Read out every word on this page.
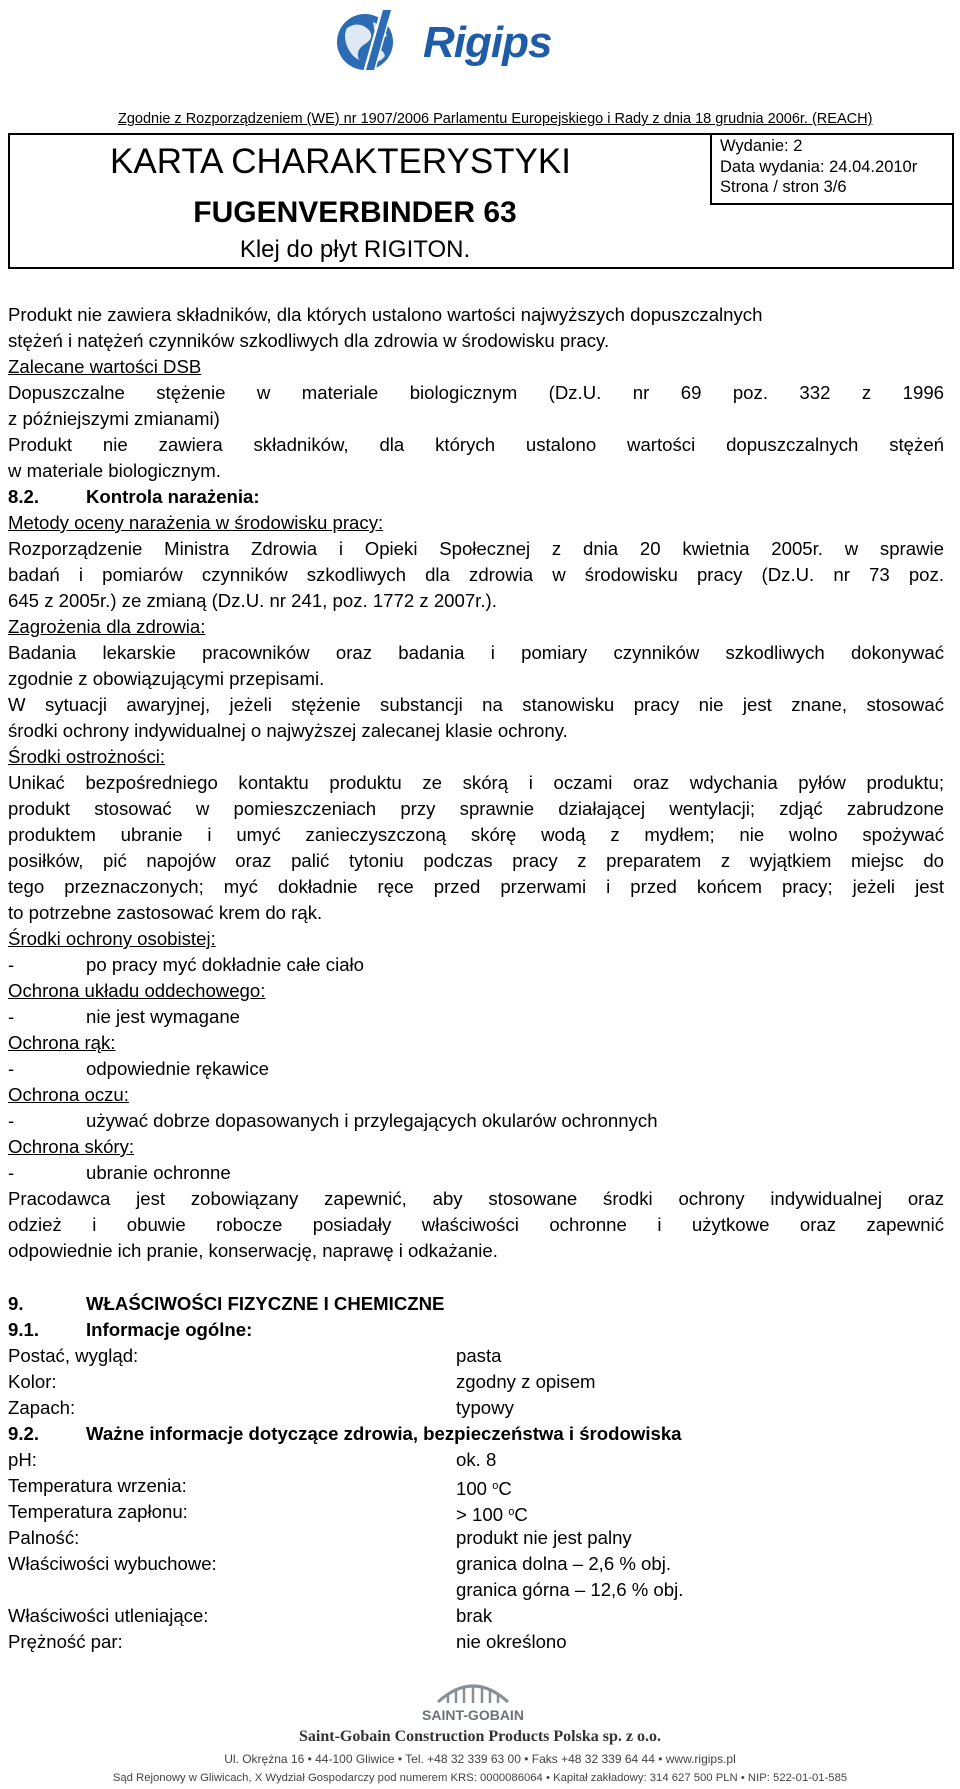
Rigips
Zgodnie z Rozporządzeniem (WE) nr 1907/2006 Parlamentu Europejskiego i Rady z dnia 18 grudnia 2006r. (REACH)
KARTA CHARAKTERYSTYKI
FUGENVERBINDER 63
Klej do płyt RIGITON.
Wydanie: 2
Data wydania: 24.04.2010r
Strona / stron 3/6
Produkt nie zawiera składników, dla których ustalono wartości najwyższych dopuszczalnych
stężeń i natężeń czynników szkodliwych dla zdrowia w środowisku pracy.
Zalecane wartości DSB
Dopuszczalne stężenie w materiale biologicznym (Dz.U. nr 69 poz. 332 z 1996
z późniejszymi zmianami)
Produkt nie zawiera składników, dla których ustalono wartości dopuszczalnych stężeń
w materiale biologicznym.
8.2.	Kontrola narażenia:
Metody oceny narażenia w środowisku pracy:
Rozporządzenie Ministra Zdrowia i Opieki Społecznej z dnia 20 kwietnia 2005r. w sprawie
badań i pomiarów czynników szkodliwych dla zdrowia w środowisku pracy (Dz.U. nr 73 poz.
645 z 2005r.) ze zmianą (Dz.U. nr 241, poz. 1772 z 2007r.).
Zagrożenia dla zdrowia:
Badania lekarskie pracowników oraz badania i pomiary czynników szkodliwych dokonywać
zgodnie z obowiązującymi przepisami.
W sytuacji awaryjnej, jeżeli stężenie substancji na stanowisku pracy nie jest znane, stosować
środki ochrony indywidualnej o najwyższej zalecanej klasie ochrony.
Środki ostrożności:
Unikać bezpośredniego kontaktu produktu ze skórą i oczami oraz wdychania pyłów produktu;
produkt stosować w pomieszczeniach przy sprawnie działającej wentylacji; zdjąć zabrudzone
produktem ubranie i umyć zanieczyszczoną skórę wodą z mydłem; nie wolno spożywać
posiłków, pić napojów oraz palić tytoniu podczas pracy z preparatem z wyjątkiem miejsc do
tego przeznaczonych; myć dokładnie ręce przed przerwami i przed końcem pracy; jeżeli jest
to potrzebne zastosować krem do rąk.
Środki ochrony osobistej:
-	po pracy myć dokładnie całe ciało
Ochrona układu oddechowego:
-	nie jest wymagane
Ochrona rąk:
-	odpowiednie rękawice
Ochrona oczu:
-	używać dobrze dopasowanych i przylegających okularów ochronnych
Ochrona skóry:
-	ubranie ochronne
Pracodawca jest zobowiązany zapewnić, aby stosowane środki ochrony indywidualnej oraz
odzież i obuwie robocze posiadały właściwości ochronne i użytkowe oraz zapewnić
odpowiednie ich pranie, konserwację, naprawę i odkażanie.
9.	WŁAŚCIWOŚCI FIZYCZNE I CHEMICZNE
9.1.	Informacje ogólne:
Postać, wygląd:	pasta
Kolor:	zgodny z opisem
Zapach:	typowy
9.2.	Ważne informacje dotyczące zdrowia, bezpieczeństwa i środowiska
pH:	ok. 8
Temperatura wrzenia:	100 $^o$C
Temperatura zapłonu:	> 100 $^o$C
Palność:	produkt nie jest palny
Właściwości wybuchowe:	granica dolna – 2,6 % obj.
granica górna – 12,6 % obj.
Właściwości utleniające:	brak
Prężność par:	nie określono
SAINT-GOBAIN
Saint-Gobain Construction Products Polska sp. z o.o.
Ul. Okrężna 16 • 44-100 Gliwice • Tel. +48 32 339 63 00 • Faks +48 32 339 64 44 • www.rigips.pl
Sąd Rejonowy w Gliwicach, X Wydział Gospodarczy pod numerem KRS: 0000086064 • Kapitał zakładowy: 314 627 500 PLN • NIP: 522-01-01-585
